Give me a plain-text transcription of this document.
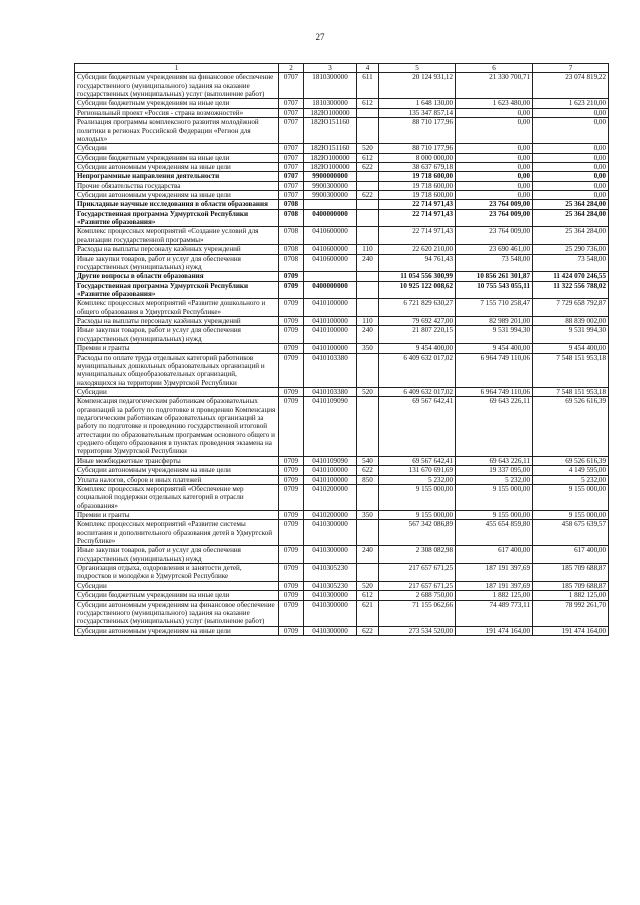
27
1	2	3	4	5	6	7
Субсидии бюджетным учреждениям на финансовое обеспечение государственного (муниципального) задания на оказание государственных (муниципальных) услуг (выполнение работ)	0707	1810300000	611	20 124 931,12	21 330 700,71	23 074 819,22
Субсидии бюджетным учреждениям на иные цели	0707	1810300000	612	1 648 130,00	1 623 480,00	1 623 210,00
Региональный проект «Россия - страна возможностей»	0707	182Ю100000		135 347 857,14	0,00	0,00
Реализация программы комплексного развития молодёжной политики в регионах Российской Федерации «Регион для молодых»	0707	182Ю151160		88 710 177,96	0,00	0,00
Субсидии	0707	182Ю151160	520	88 710 177,96	0,00	0,00
Субсидии бюджетным учреждениям на иные цели	0707	182Ю100000	612	8 000 000,00	0,00	0,00
Субсидии автономным учреждениям на иные цели	0707	182Ю100000	622	38 637 679,18	0,00	0,00
Непрограммные направления деятельности	0707	9900000000		19 718 600,00	0,00	0,00
Прочие обязательства государства	0707	9900300000		19 718 600,00	0,00	0,00
Субсидии автономным учреждениям на иные цели	0707	9900300000	622	19 718 600,00	0,00	0,00
Прикладные научные исследования в области образования	0708			22 714 971,43	23 764 009,00	25 364 284,00
Государственная программа Удмуртской Республики «Развитие образования»	0708	0400000000		22 714 971,43	23 764 009,00	25 364 284,00
Комплекс процессных мероприятий «Создание условий для реализации государственной программы»	0708	0410600000		22 714 971,43	23 764 009,00	25 364 284,00
Расходы на выплаты персоналу казённых учреждений	0708	0410600000	110	22 620 210,00	23 690 461,00	25 290 736,00
Иные закупки товаров, работ и услуг для обеспечения государственных (муниципальных) нужд	0708	0410600000	240	94 761,43	73 548,00	73 548,00
Другие вопросы в области образования	0709			11 054 556 300,99	10 856 261 301,87	11 424 070 246,55
Государственная программа Удмуртской Республики «Развитие образования»	0709	0400000000		10 925 122 008,62	10 755 543 055,11	11 322 556 788,02
Комплекс процессных мероприятий «Развитие дошкольного и общего образования в Удмуртской Республике»	0709	0410100000		6 721 829 630,27	7 155 710 258,47	7 729 658 792,87
Расходы на выплаты персоналу казённых учреждений	0709	0410100000	110	79 692 427,00	82 989 201,00	88 839 002,00
Иные закупки товаров, работ и услуг для обеспечения государственных (муниципальных) нужд	0709	0410100000	240	21 807 220,15	9 531 994,30	9 531 994,30
Премии и гранты	0709	0410100000	350	9 454 400,00	9 454 400,00	9 454 400,00
Расходы по оплате труда отдельных категорий работников муниципальных дошкольных образовательных организаций и муниципальных общеобразовательных организаций, находящихся на территории Удмуртской Республики	0709	0410103380		6 409 632 017,02	6 964 749 110,06	7 548 151 953,18
Субсидии	0709	0410103380	520	6 409 632 017,02	6 964 749 110,06	7 548 151 953,18
Компенсация педагогическим работникам образовательных организаций за работу по подготовке и проведению Компенсация педагогическим работникам образовательных организаций за работу по подготовке и проведению государственной итоговой аттестации по образовательным программам основного общего и среднего общего образования в пунктах проведения экзамена на территории Удмуртской Республики	0709	0410109090		69 567 642,41	69 643 226,11	69 526 616,39
Иные межбюджетные трансферты	0709	0410109090	540	69 567 642,41	69 643 226,11	69 526 616,39
Субсидии автономным учреждениям на иные цели	0709	0410100000	622	131 670 691,69	19 337 095,00	4 149 595,00
Уплата налогов, сборов и иных платежей	0709	0410100000	850	5 232,00	5 232,00	5 232,00
Комплекс процессных мероприятий «Обеспечение мер социальной поддержки отдельных категорий в отрасли образования»	0709	0410200000		9 155 000,00	9 155 000,00	9 155 000,00
Премии и гранты	0709	0410200000	350	9 155 000,00	9 155 000,00	9 155 000,00
Комплекс процессных мероприятий «Развитие системы воспитания и дополнительного образования детей в Удмуртской Республике»	0709	0410300000		567 342 086,89	455 654 859,80	458 675 639,57
Иные закупки товаров, работ и услуг для обеспечения государственных (муниципальных) нужд	0709	0410300000	240	2 308 082,98	617 400,00	617 400,00
Организация отдыха, оздоровления и занятости детей, подростков и молодёжи в Удмуртской Республике	0709	0410305230		217 657 671,25	187 191 397,69	185 709 688,87
Субсидии	0709	0410305230	520	217 657 671,25	187 191 397,69	185 709 688,87
Субсидии бюджетным учреждениям на иные цели	0709	0410300000	612	2 688 750,00	1 882 125,00	1 882 125,00
Субсидии автономным учреждениям на финансовое обеспечение государственного (муниципального) задания на оказание государственных (муниципальных) услуг (выполнение работ)	0709	0410300000	621	71 155 062,66	74 489 773,11	78 992 261,70
Субсидии автономным учреждениям на иные цели	0709	0410300000	622	273 534 520,00	191 474 164,00	191 474 164,00
